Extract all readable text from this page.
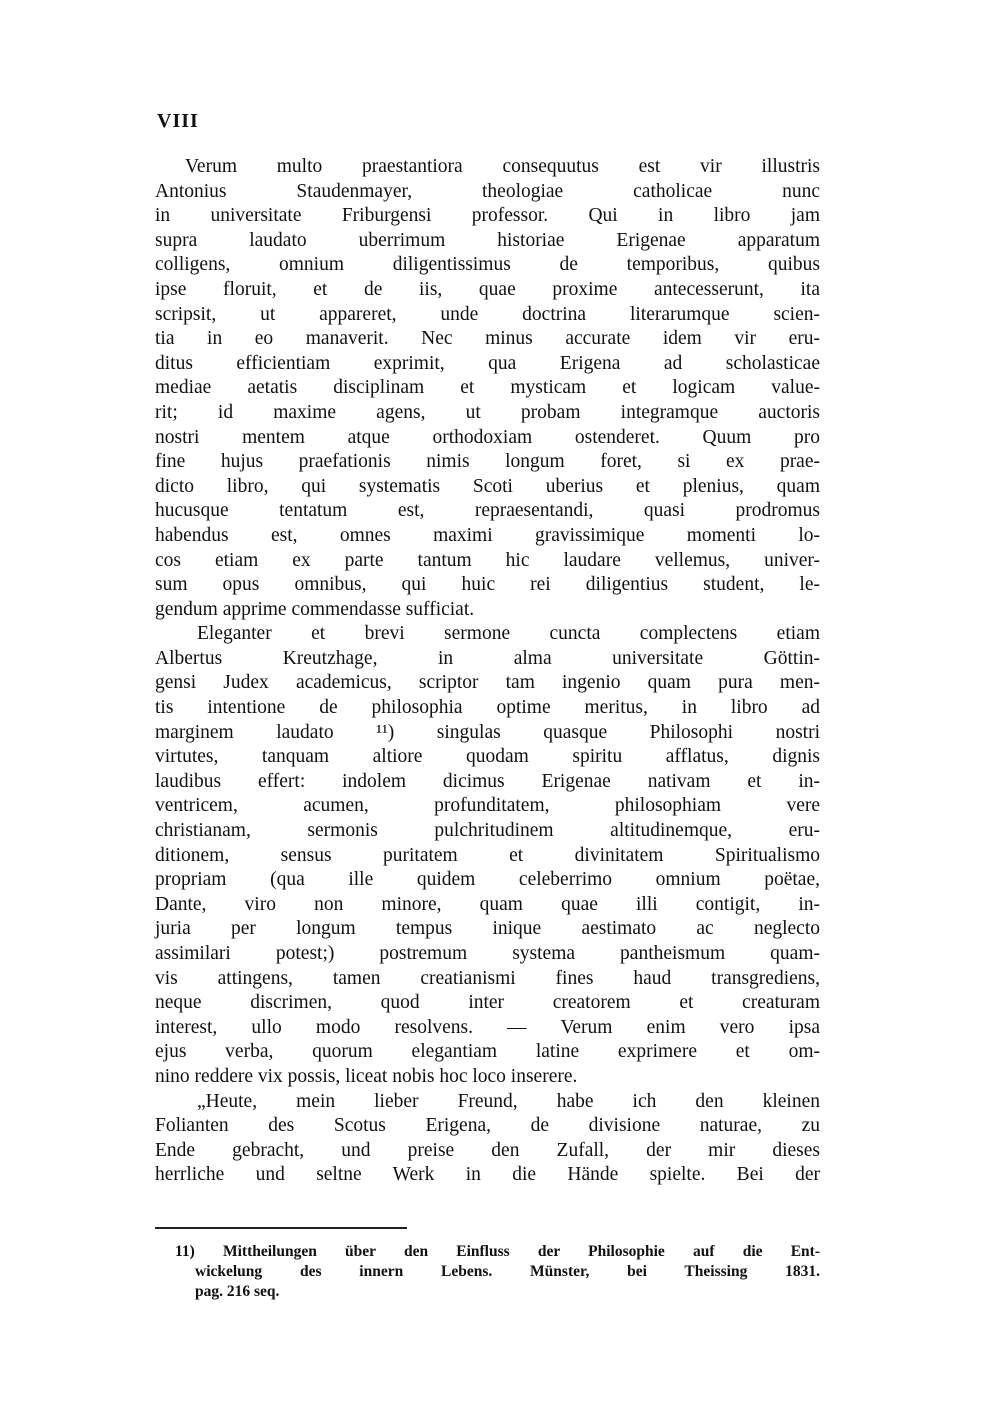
VIII
Verum multo praestantiora consequutus est vir illustris
Antonius Staudenmayer, theologiae catholicae nunc
in universitate Friburgensi professor. Qui in libro jam
supra laudato uberrimum historiae Erigenae apparatum
colligens, omnium diligentissimus de temporibus, quibus
ipse floruit, et de iis, quae proxime antecesserunt, ita
scripsit, ut appareret, unde doctrina literarumque scien-
tia in eo manaverit. Nec minus accurate idem vir eru-
ditus efficientiam exprimit, qua Erigena ad scholasticae
mediae aetatis disciplinam et mysticam et logicam value-
rit; id maxime agens, ut probam integramque auctoris
nostri mentem atque orthodoxiam ostenderet. Quum pro
fine hujus praefationis nimis longum foret, si ex prae-
dicto libro, qui systematis Scoti uberius et plenius, quam
hucusque tentatum est, repraesentandi, quasi prodromus
habendus est, omnes maximi gravissimique momenti lo-
cos etiam ex parte tantum hic laudare vellemus, univer-
sum opus omnibus, qui huic rei diligentius student, le-
gendum apprime commendasse sufficiat.
Eleganter et brevi sermone cuncta complectens etiam
Albertus Kreutzhage, in alma universitate Göttin-
gensi Judex academicus, scriptor tam ingenio quam pura men-
tis intentione de philosophia optime meritus, in libro ad
marginem laudato ¹¹) singulas quasque Philosophi nostri
virtutes, tanquam altiore quodam spiritu afflatus, dignis
laudibus effert: indolem dicimus Erigenae nativam et in-
ventricem, acumen, profunditatem, philosophiam vere
christianam, sermonis pulchritudinem altitudinemque, eru-
ditionem, sensus puritatem et divinitatem Spiritualismo
propriam (qua ille quidem celeberrimo omnium poëtae,
Dante, viro non minore, quam quae illi contigit, in-
juria per longum tempus inique aestimato ac neglecto
assimilari potest;) postremum systema pantheismum quam-
vis attingens, tamen creatianismi fines haud transgrediens,
neque discrimen, quod inter creatorem et creaturam
interest, ullo modo resolvens. — Verum enim vero ipsa
ejus verba, quorum elegantiam latine exprimere et om-
nino reddere vix possis, liceat nobis hoc loco inserere.
„Heute, mein lieber Freund, habe ich den kleinen
Folianten des Scotus Erigena, de divisione naturae, zu
Ende gebracht, und preise den Zufall, der mir dieses
herrliche und seltne Werk in die Hände spielte. Bei der
11) Mittheilungen über den Einfluss der Philosophie auf die Ent-
wickelung des innern Lebens. Münster, bei Theissing 1831.
pag. 216 seq.
